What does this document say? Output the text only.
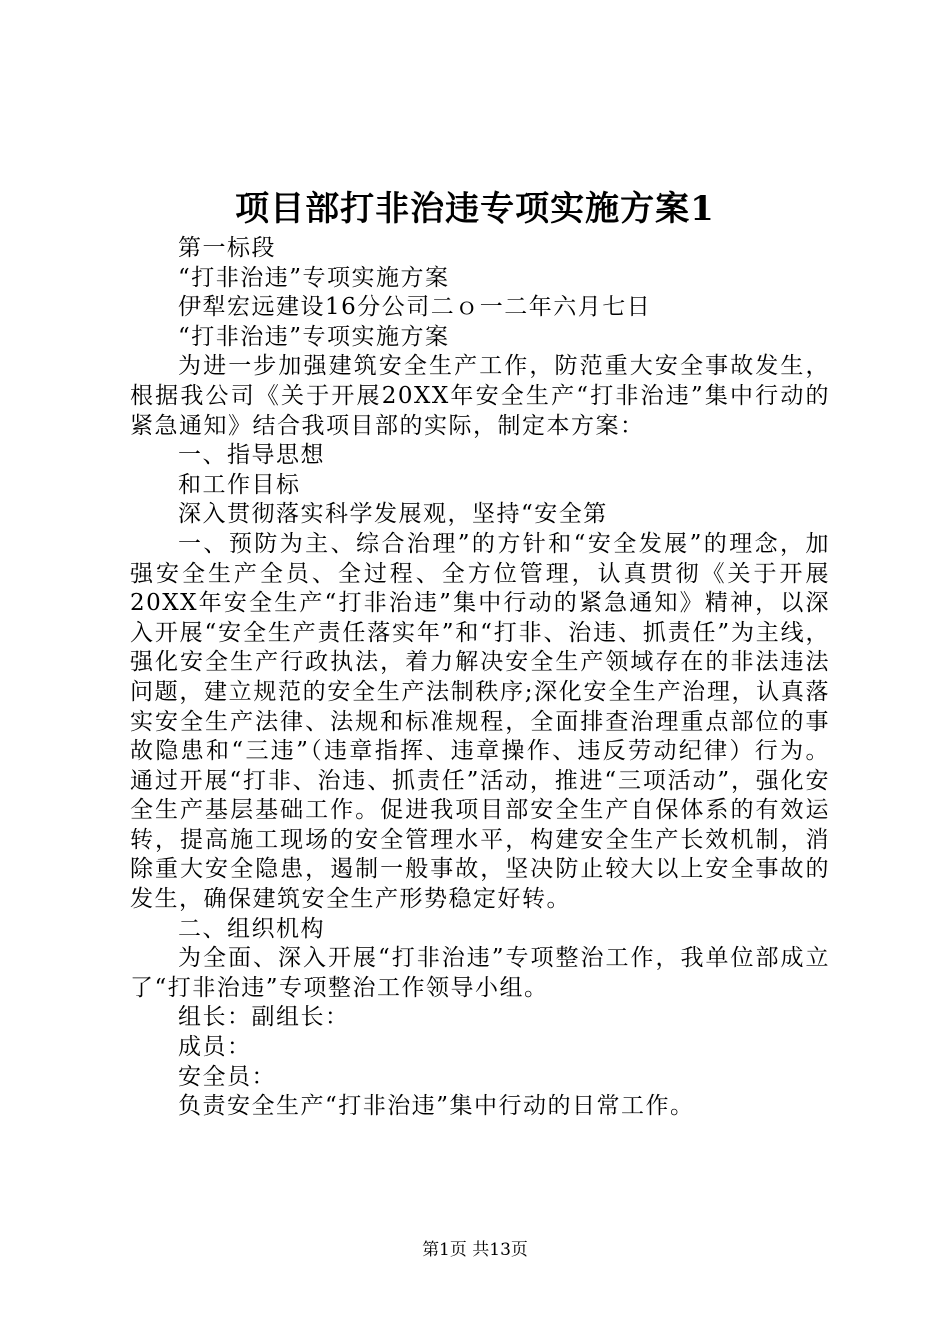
项目部打非治违专项实施方案1

第一标段

“打非治违”专项实施方案

伊犁宏远建设16分公司二ｏ一二年六月七日

“打非治违”专项实施方案

为进一步加强建筑安全生产工作，防范重大安全事故发生，根据我公司《关于开展20XX年安全生产“打非治违”集中行动的紧急通知》结合我项目部的实际，制定本方案：

一、指导思想

和工作目标

深入贯彻落实科学发展观，坚持“安全第

一、预防为主、综合治理”的方针和“安全发展”的理念，加强安全生产全员、全过程、全方位管理，认真贯彻《关于开展20XX年安全生产“打非治违”集中行动的紧急通知》精神，以深入开展“安全生产责任落实年”和“打非、治违、抓责任”为主线，强化安全生产行政执法，着力解决安全生产领域存在的非法违法问题，建立规范的安全生产法制秩序;深化安全生产治理，认真落实安全生产法律、法规和标准规程，全面排查治理重点部位的事故隐患和“三违”（违章指挥、违章操作、违反劳动纪律）行为。通过开展“打非、治违、抓责任”活动，推进“三项活动”，强化安全生产基层基础工作。促进我项目部安全生产自保体系的有效运转，提高施工现场的安全管理水平，构建安全生产长效机制，消除重大安全隐患，遏制一般事故，坚决防止较大以上安全事故的发生，确保建筑安全生产形势稳定好转。

二、组织机构

为全面、深入开展“打非治违”专项整治工作，我单位部成立了“打非治违”专项整治工作领导小组。

组长：副组长：

成员：

安全员：

负责安全生产“打非治违”集中行动的日常工作。

第1页 共13页
